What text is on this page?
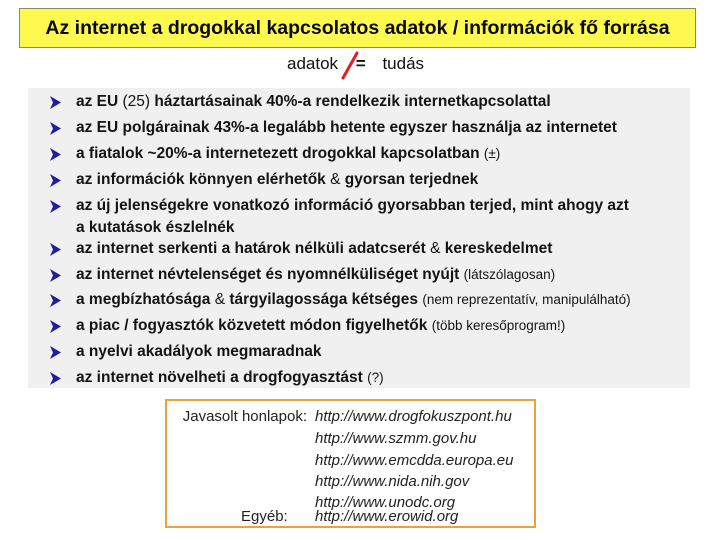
Az internet a drogokkal kapcsolatos adatok / információk fő forrása
adatok = tudás
az EU (25) háztartásainak 40%-a rendelkezik internetkapcsolattal
az EU polgárainak 43%-a legalább hetente egyszer használja az internetet
a fiatalok ~20%-a internetezett drogokkal kapcsolatban (±)
az információk könnyen elérhetők & gyorsan terjednek
az új jelenségekre vonatkozó információ gyorsabban terjed, mint ahogy azt
a kutatások észlelnék
az internet serkenti a határok nélküli adatcserét & kereskedelmet
az internet névtelenséget és nyomnélküliséget nyújt (látszólagosan)
a megbízhatósága & tárgyilagossága kétséges (nem reprezentatív, manipulálható)
a piac / fogyasztók közvetett módon figyelhetők (több keresőprogram!)
a nyelvi akadályok megmaradnak
az internet növelheti a drogfogyasztást (?)
Javasolt honlapok: http://www.drogfokuszpont.hu
http://www.szmm.gov.hu
http://www.emcdda.europa.eu
http://www.nida.nih.gov
http://www.unodc.org
Egyéb: http://www.erowid.org
